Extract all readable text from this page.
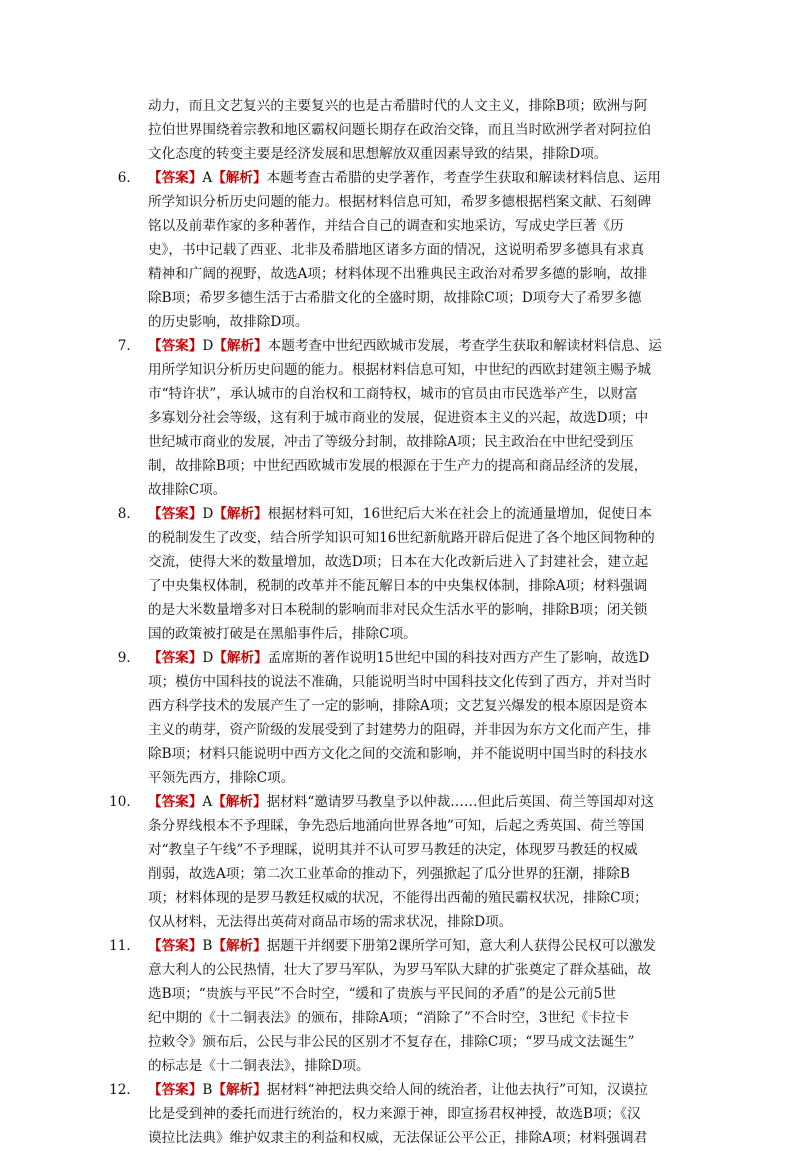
动力，而且文艺复兴的主要复兴的也是古希腊时代的人文主义，排除B项；欧洲与阿
拉伯世界围绕着宗教和地区霸权问题长期存在政治交锋，而且当时欧洲学者对阿拉伯
文化态度的转变主要是经济发展和思想解放双重因素导致的结果，排除D项。
6． 【答案】A【解析】本题考查古希腊的史学著作，考查学生获取和解读材料信息、运用
所学知识分析历史问题的能力。根据材料信息可知，希罗多德根据档案文献、石刻碑
铭以及前辈作家的多种著作，并结合自己的调查和实地采访，写成史学巨著《历
史》，书中记载了西亚、北非及希腊地区诸多方面的情况，这说明希罗多德具有求真
精神和广阔的视野，故选A项；材料体现不出雅典民主政治对希罗多德的影响，故排
除B项；希罗多德生活于古希腊文化的全盛时期，故排除C项；D项夸大了希罗多德
的历史影响，故排除D项。
7． 【答案】D【解析】本题考查中世纪西欧城市发展，考查学生获取和解读材料信息、运
用所学知识分析历史问题的能力。根据材料信息可知，中世纪的西欧封建领主赐予城
市“特许状”，承认城市的自治权和工商特权，城市的官员由市民选举产生，以财富
多寡划分社会等级，这有利于城市商业的发展，促进资本主义的兴起，故选D项；中
世纪城市商业的发展，冲击了等级分封制，故排除A项；民主政治在中世纪受到压
制，故排除B项；中世纪西欧城市发展的根源在于生产力的提高和商品经济的发展，
故排除C项。
8． 【答案】D【解析】根据材料可知，16世纪后大米在社会上的流通量增加，促使日本
的税制发生了改变，结合所学知识可知16世纪新航路开辟后促进了各个地区间物种的
交流，使得大米的数量增加，故选D项；日本在大化改新后进入了封建社会，建立起
了中央集权体制，税制的改革并不能瓦解日本的中央集权体制，排除A项；材料强调
的是大米数量增多对日本税制的影响而非对民众生活水平的影响，排除B项；闭关锁
国的政策被打破是在黑船事件后，排除C项。
9． 【答案】D【解析】孟席斯的著作说明15世纪中国的科技对西方产生了影响，故选D
项；模仿中国科技的说法不准确，只能说明当时中国科技文化传到了西方，并对当时
西方科学技术的发展产生了一定的影响，排除A项；文艺复兴爆发的根本原因是资本
主义的萌芽，资产阶级的发展受到了封建势力的阻碍，并非因为东方文化而产生，排
除B项；材料只能说明中西方文化之间的交流和影响，并不能说明中国当时的科技水
平领先西方，排除C项。
10． 【答案】A【解析】据材料“邀请罗马教皇予以仲裁……但此后英国、荷兰等国却对这
条分界线根本不予理睬，争先恐后地涌向世界各地”可知，后起之秀英国、荷兰等国
对“教皇子午线”不予理睬，说明其并不认可罗马教廷的决定，体现罗马教廷的权威
削弱，故选A项；第二次工业革命的推动下，列强掀起了瓜分世界的狂潮，排除B
项；材料体现的是罗马教廷权威的状况，不能得出西葡的殖民霸权状况，排除C项；
仅从材料，无法得出英荷对商品市场的需求状况，排除D项。
11． 【答案】B【解析】据题干并纲要下册第2课所学可知，意大利人获得公民权可以激发
意大利人的公民热情，壮大了罗马军队，为罗马军队大肆的扩张奠定了群众基础，故
选B项；“贵族与平民”不合时空，“缓和了贵族与平民间的矛盾”的是公元前5世
纪中期的《十二铜表法》的颁布，排除A项；“消除了”不合时空，3世纪《卡拉卡
拉敕令》颁布后，公民与非公民的区别才不复存在，排除C项；“罗马成文法诞生”
的标志是《十二铜表法》，排除D项。
12． 【答案】B【解析】据材料“神把法典交给人间的统治者，让他去执行”可知，汉谟拉
比是受到神的委托而进行统治的，权力来源于神，即宣扬君权神授，故选B项；《汉
谟拉比法典》维护奴隶主的利益和权威，无法保证公平公正，排除A项；材料强调君
